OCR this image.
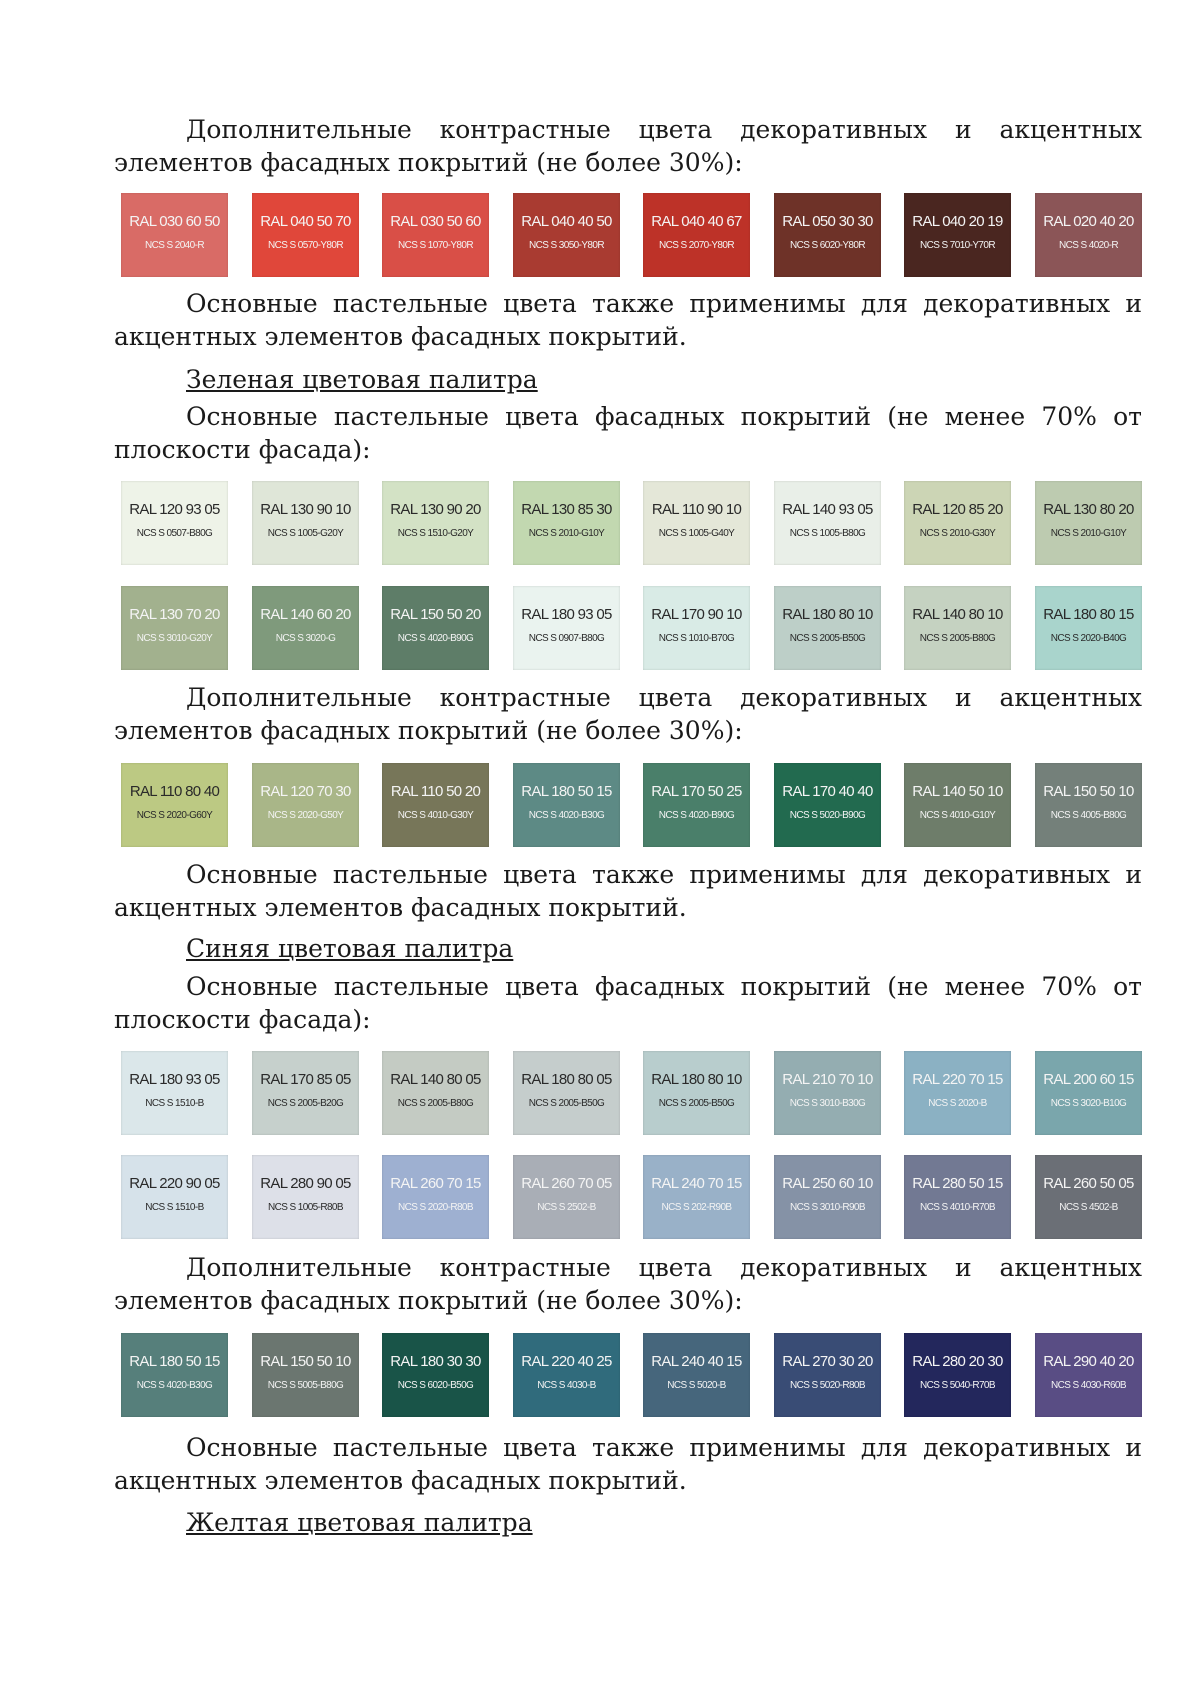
Дополнительные контрастные цвета декоративных и акцентных элементов фасадных покрытий (не более 30%):

RAL 030 60 50
NCS S 2040-R
RAL 040 50 70
NCS S 0570-Y80R
RAL 030 50 60
NCS S 1070-Y80R
RAL 040 40 50
NCS S 3050-Y80R
RAL 040 40 67
NCS S 2070-Y80R
RAL 050 30 30
NCS S 6020-Y80R
RAL 040 20 19
NCS S 7010-Y70R
RAL 020 40 20
NCS S 4020-R

Основные пастельные цвета также применимы для декоративных и акцентных элементов фасадных покрытий.

Зеленая цветовая палитра

Основные пастельные цвета фасадных покрытий (не менее 70% от плоскости фасада):

RAL 120 93 05
NCS S 0507-B80G
RAL 130 90 10
NCS S 1005-G20Y
RAL 130 90 20
NCS S 1510-G20Y
RAL 130 85 30
NCS S 2010-G10Y
RAL 110 90 10
NCS S 1005-G40Y
RAL 140 93 05
NCS S 1005-B80G
RAL 120 85 20
NCS S 2010-G30Y
RAL 130 80 20
NCS S 2010-G10Y
RAL 130 70 20
NCS S 3010-G20Y
RAL 140 60 20
NCS S 3020-G
RAL 150 50 20
NCS S 4020-B90G
RAL 180 93 05
NCS S 0907-B80G
RAL 170 90 10
NCS S 1010-B70G
RAL 180 80 10
NCS S 2005-B50G
RAL 140 80 10
NCS S 2005-B80G
RAL 180 80 15
NCS S 2020-B40G

Дополнительные контрастные цвета декоративных и акцентных элементов фасадных покрытий (не более 30%):

RAL 110 80 40
NCS S 2020-G60Y
RAL 120 70 30
NCS S 2020-G50Y
RAL 110 50 20
NCS S 4010-G30Y
RAL 180 50 15
NCS S 4020-B30G
RAL 170 50 25
NCS S 4020-B90G
RAL 170 40 40
NCS S 5020-B90G
RAL 140 50 10
NCS S 4010-G10Y
RAL 150 50 10
NCS S 4005-B80G

Основные пастельные цвета также применимы для декоративных и акцентных элементов фасадных покрытий.

Синяя цветовая палитра

Основные пастельные цвета фасадных покрытий (не менее 70% от плоскости фасада):

RAL 180 93 05
NCS S 1510-B
RAL 170 85 05
NCS S 2005-B20G
RAL 140 80 05
NCS S 2005-B80G
RAL 180 80 05
NCS S 2005-B50G
RAL 180 80 10
NCS S 2005-B50G
RAL 210 70 10
NCS S 3010-B30G
RAL 220 70 15
NCS S 2020-B
RAL 200 60 15
NCS S 3020-B10G
RAL 220 90 05
NCS S 1510-B
RAL 280 90 05
NCS S 1005-R80B
RAL 260 70 15
NCS S 2020-R80B
RAL 260 70 05
NCS S 2502-B
RAL 240 70 15
NCS S 202-R90B
RAL 250 60 10
NCS S 3010-R90B
RAL 280 50 15
NCS S 4010-R70B
RAL 260 50 05
NCS S 4502-B

Дополнительные контрастные цвета декоративных и акцентных элементов фасадных покрытий (не более 30%):

RAL 180 50 15
NCS S 4020-B30G
RAL 150 50 10
NCS S 5005-B80G
RAL 180 30 30
NCS S 6020-B50G
RAL 220 40 25
NCS S 4030-B
RAL 240 40 15
NCS S 5020-B
RAL 270 30 20
NCS S 5020-R80B
RAL 280 20 30
NCS S 5040-R70B
RAL 290 40 20
NCS S 4030-R60B

Основные пастельные цвета также применимы для декоративных и акцентных элементов фасадных покрытий.

Желтая цветовая палитра
